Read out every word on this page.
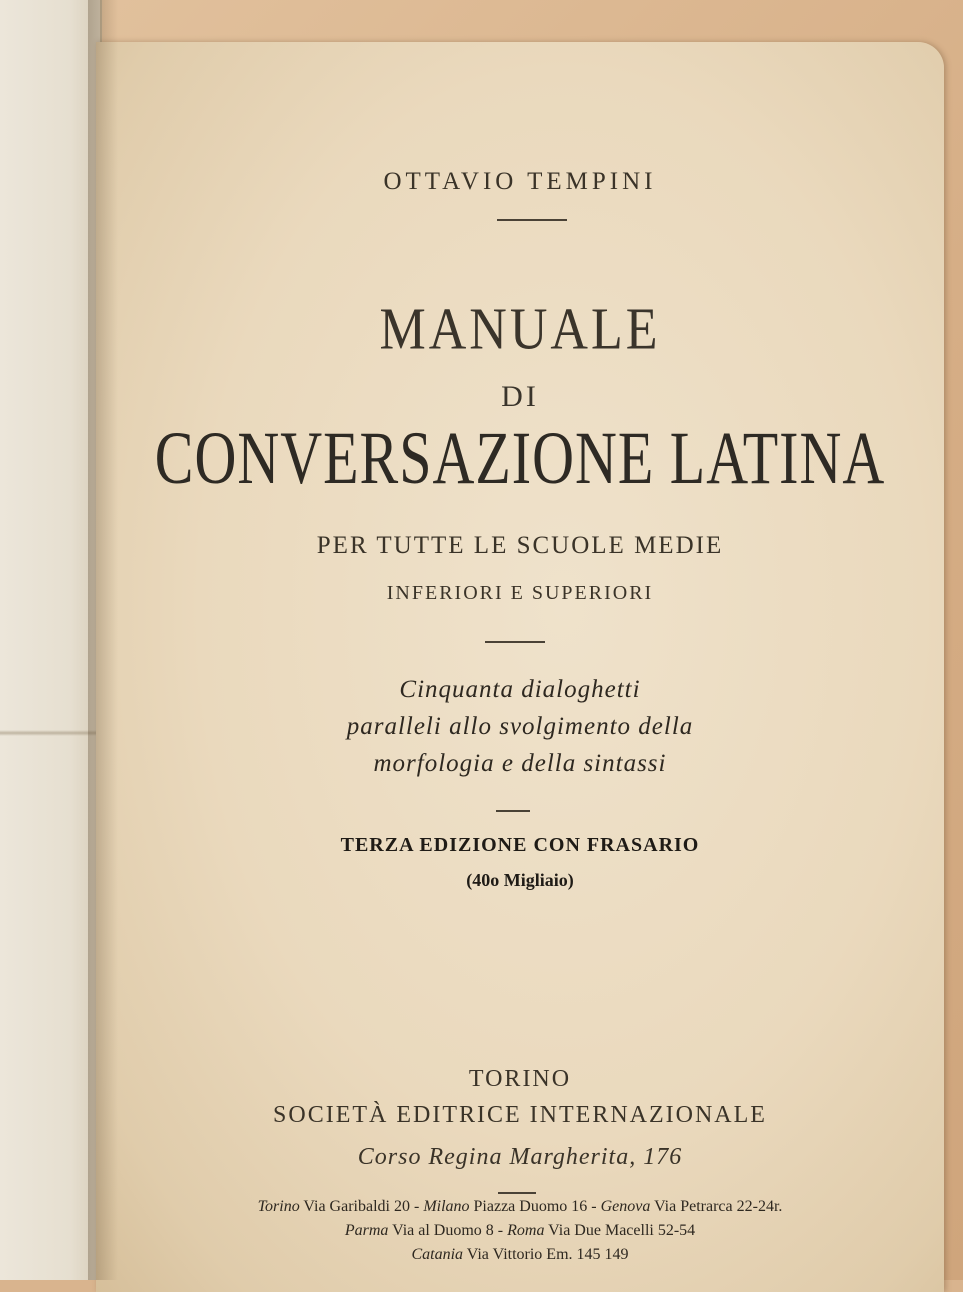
OTTAVIO TEMPINI
MANUALE
DI
CONVERSAZIONE LATINA
PER TUTTE LE SCUOLE MEDIE
INFERIORI E SUPERIORI
Cinquanta dialoghetti
paralleli allo svolgimento della
morfologia e della sintassi
TERZA EDIZIONE CON FRASARIO
(40o Migliaio)
TORINO
SOCIETÀ EDITRICE INTERNAZIONALE
Corso Regina Margherita, 176
Torino Via Garibaldi 20 - Milano Piazza Duomo 16 - Genova Via Petrarca 22-24r.
Parma Via al Duomo 8 - Roma Via Due Macelli 52-54
Catania Via Vittorio Em. 145 149
